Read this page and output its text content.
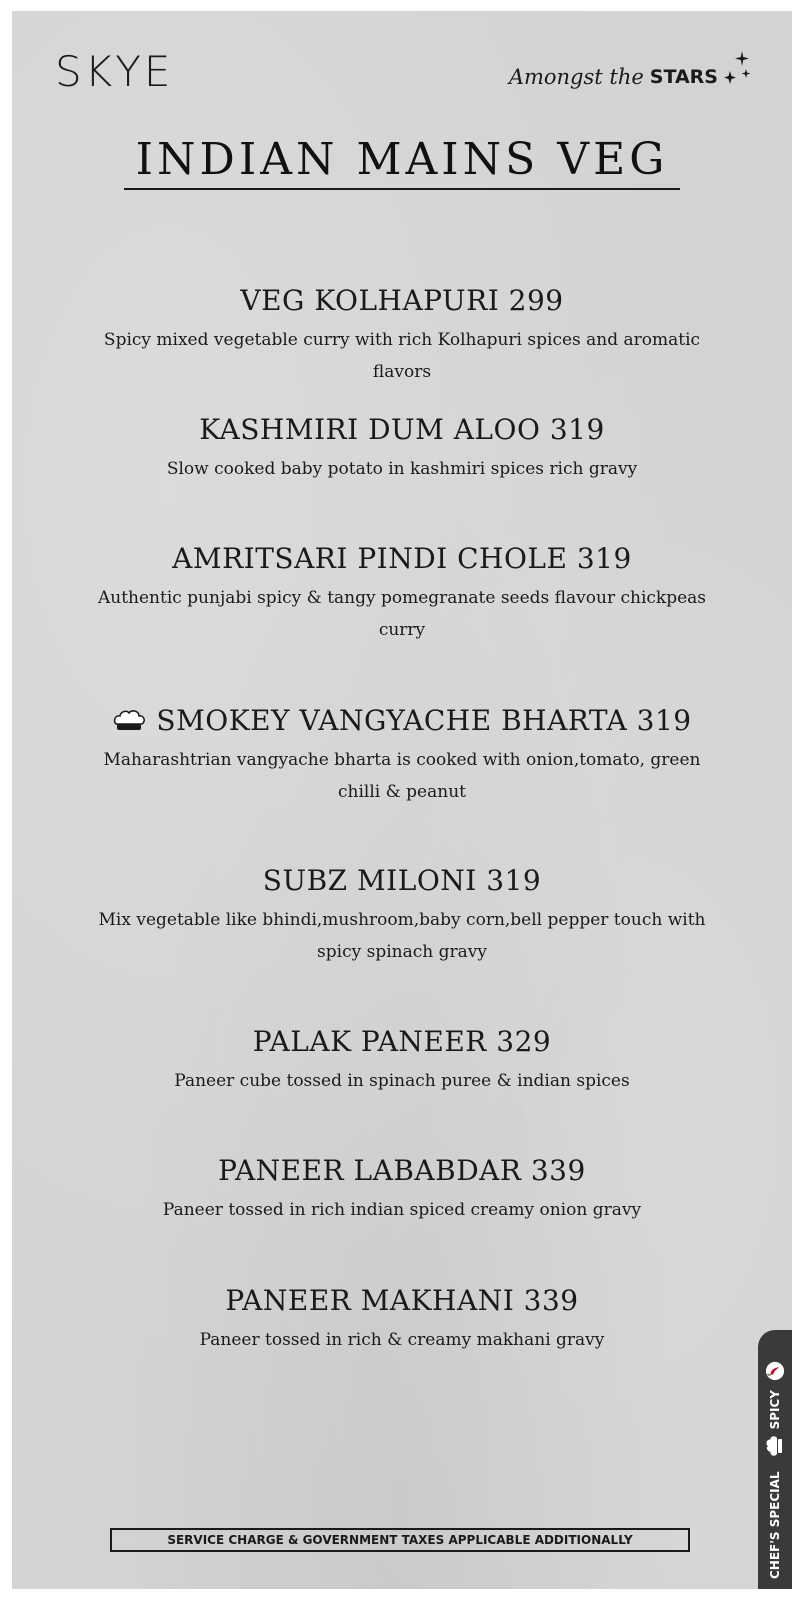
SKYE	Amongst the STARS
INDIAN MAINS VEG
VEG KOLHAPURI 299
Spicy mixed vegetable curry with rich Kolhapuri spices and aromatic flavors
KASHMIRI DUM ALOO 319
Slow cooked baby potato in kashmiri spices rich gravy
AMRITSARI PINDI CHOLE 319
Authentic punjabi spicy & tangy pomegranate seeds flavour chickpeas curry
SMOKEY VANGYACHE BHARTA 319
Maharashtrian vangyache bharta is cooked with onion,tomato, green chilli & peanut
SUBZ MILONI 319
Mix vegetable like bhindi,mushroom,baby corn,bell pepper touch with spicy spinach gravy
PALAK PANEER 329
Paneer cube tossed in spinach puree & indian spices
PANEER LABABDAR 339
Paneer tossed in rich indian spiced creamy onion gravy
PANEER MAKHANI 339
Paneer tossed in rich & creamy makhani gravy
SERVICE CHARGE & GOVERNMENT TAXES APPLICABLE ADDITIONALLY	CHEF'S SPECIAL
SPICY
